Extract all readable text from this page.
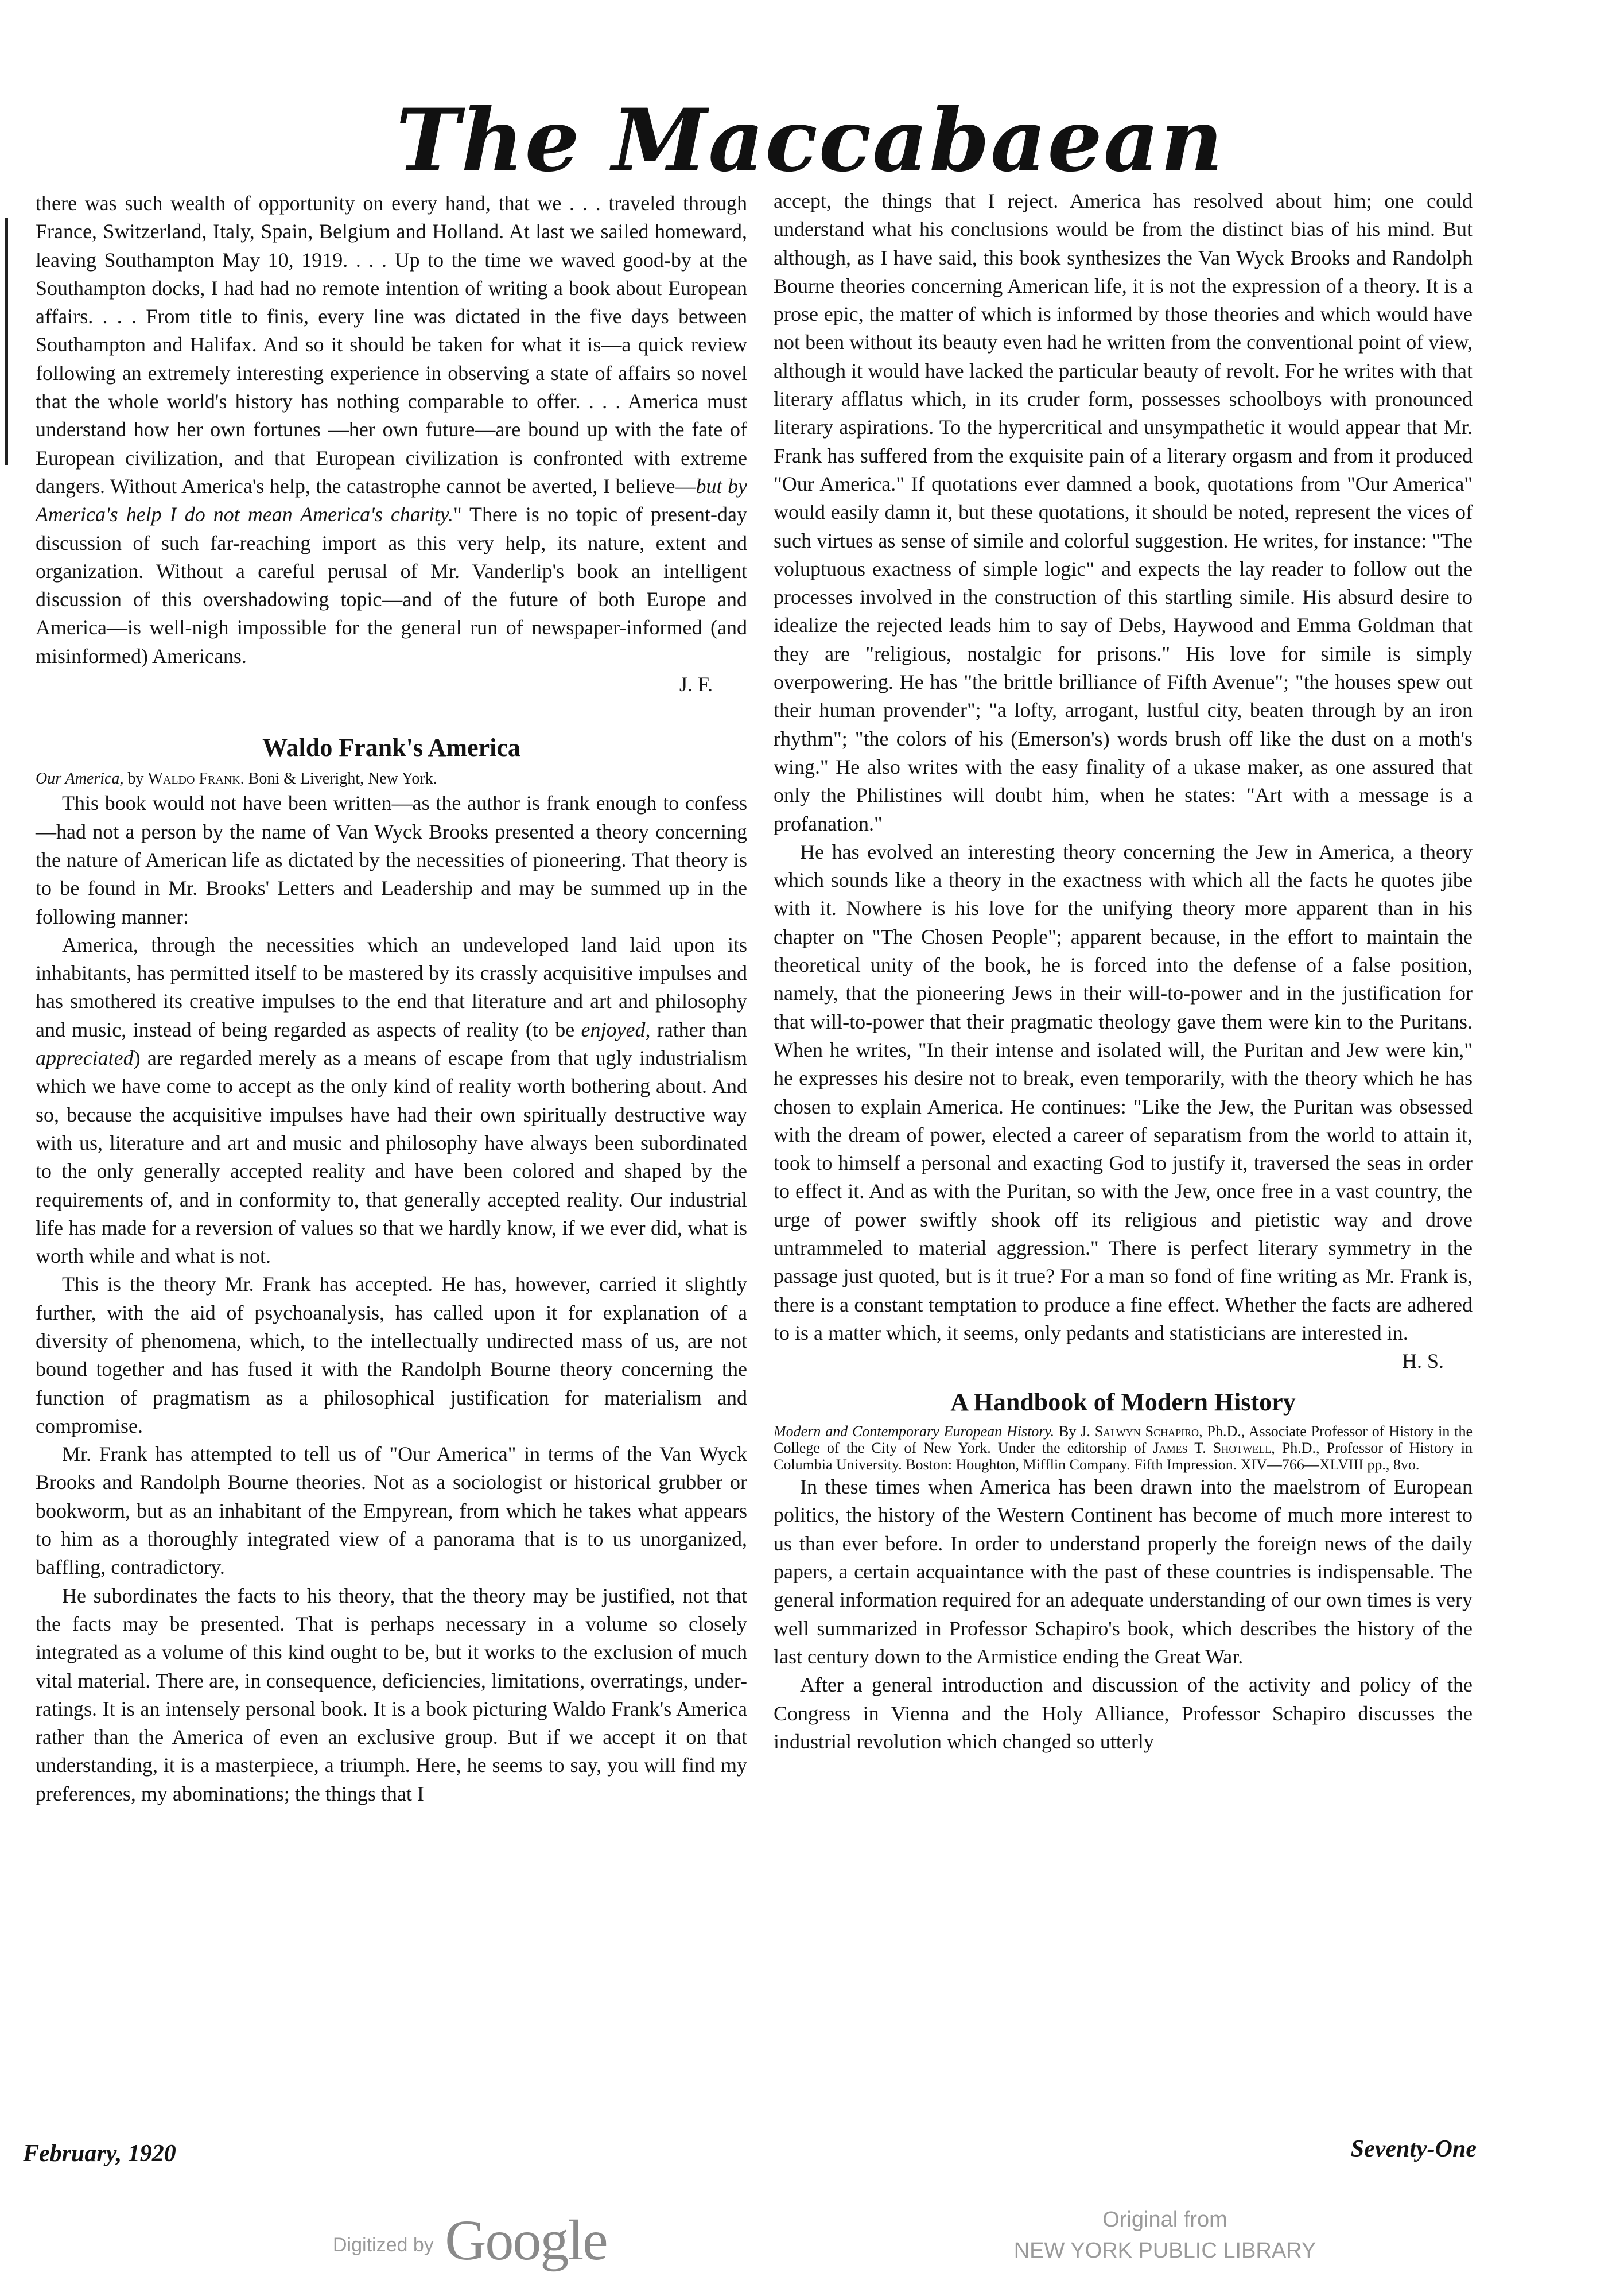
The Maccabaean

there was such wealth of opportunity on every hand, that we . . . traveled through France, Switzerland, Italy, Spain, Belgium and Holland. At last we sailed homeward, leaving Southampton May 10, 1919. . . . Up to the time we waved good-by at the Southampton docks, I had had no remote intention of writing a book about European affairs. . . . From title to finis, every line was dictated in the five days between Southampton and Halifax. And so it should be taken for what it is—a quick review following an extremely interesting experience in observing a state of affairs so novel that the whole world's history has nothing comparable to offer. . . . America must understand how her own fortunes —her own future—are bound up with the fate of European civilization, and that European civilization is confronted with extreme dangers. Without America's help, the catastrophe cannot be averted, I believe—but by America's help I do not mean America's charity." There is no topic of present-day discussion of such far-reaching import as this very help, its nature, extent and organization. Without a careful perusal of Mr. Vanderlip's book an intelligent discussion of this overshadowing topic—and of the future of both Europe and America—is well-nigh impossible for the general run of newspaper-informed (and misinformed) Americans.

J. F.

Waldo Frank's America

Our America, by Waldo Frank. Boni & Liveright, New York.

This book would not have been written—as the author is frank enough to confess—had not a person by the name of Van Wyck Brooks presented a theory concerning the nature of American life as dictated by the necessities of pioneering. That theory is to be found in Mr. Brooks' Letters and Leadership and may be summed up in the following manner:

America, through the necessities which an undeveloped land laid upon its inhabitants, has permitted itself to be mastered by its crassly acquisitive impulses and has smothered its creative impulses to the end that literature and art and philosophy and music, instead of being regarded as aspects of reality (to be enjoyed, rather than appreciated) are regarded merely as a means of escape from that ugly industrialism which we have come to accept as the only kind of reality worth bothering about. And so, because the acquisitive impulses have had their own spiritually destructive way with us, literature and art and music and philosophy have always been subordinated to the only generally accepted reality and have been colored and shaped by the requirements of, and in conformity to, that generally accepted reality. Our industrial life has made for a reversion of values so that we hardly know, if we ever did, what is worth while and what is not.

This is the theory Mr. Frank has accepted. He has, however, carried it slightly further, with the aid of psychoanalysis, has called upon it for explanation of a diversity of phenomena, which, to the intellectually undirected mass of us, are not bound together and has fused it with the Randolph Bourne theory concerning the function of pragmatism as a philosophical justification for materialism and compromise.

Mr. Frank has attempted to tell us of "Our America" in terms of the Van Wyck Brooks and Randolph Bourne theories. Not as a sociologist or historical grubber or bookworm, but as an inhabitant of the Empyrean, from which he takes what appears to him as a thoroughly integrated view of a panorama that is to us unorganized, baffling, contradictory.

He subordinates the facts to his theory, that the theory may be justified, not that the facts may be presented. That is perhaps necessary in a volume so closely integrated as a volume of this kind ought to be, but it works to the exclusion of much vital material. There are, in consequence, deficiencies, limitations, overratings, under-ratings. It is an intensely personal book. It is a book picturing Waldo Frank's America rather than the America of even an exclusive group. But if we accept it on that understanding, it is a masterpiece, a triumph. Here, he seems to say, you will find my preferences, my abominations; the things that I

accept, the things that I reject. America has resolved about him; one could understand what his conclusions would be from the distinct bias of his mind. But although, as I have said, this book synthesizes the Van Wyck Brooks and Randolph Bourne theories concerning American life, it is not the expression of a theory. It is a prose epic, the matter of which is informed by those theories and which would have not been without its beauty even had he written from the conventional point of view, although it would have lacked the particular beauty of revolt. For he writes with that literary afflatus which, in its cruder form, possesses schoolboys with pronounced literary aspirations. To the hypercritical and unsympathetic it would appear that Mr. Frank has suffered from the exquisite pain of a literary orgasm and from it produced "Our America." If quotations ever damned a book, quotations from "Our America" would easily damn it, but these quotations, it should be noted, represent the vices of such virtues as sense of simile and colorful suggestion. He writes, for instance: "The voluptuous exactness of simple logic" and expects the lay reader to follow out the processes involved in the construction of this startling simile. His absurd desire to idealize the rejected leads him to say of Debs, Haywood and Emma Goldman that they are "religious, nostalgic for prisons." His love for simile is simply overpowering. He has "the brittle brilliance of Fifth Avenue"; "the houses spew out their human provender"; "a lofty, arrogant, lustful city, beaten through by an iron rhythm"; "the colors of his (Emerson's) words brush off like the dust on a moth's wing." He also writes with the easy finality of a ukase maker, as one assured that only the Philistines will doubt him, when he states: "Art with a message is a profanation."

He has evolved an interesting theory concerning the Jew in America, a theory which sounds like a theory in the exactness with which all the facts he quotes jibe with it. Nowhere is his love for the unifying theory more apparent than in his chapter on "The Chosen People"; apparent because, in the effort to maintain the theoretical unity of the book, he is forced into the defense of a false position, namely, that the pioneering Jews in their will-to-power and in the justification for that will-to-power that their pragmatic theology gave them were kin to the Puritans. When he writes, "In their intense and isolated will, the Puritan and Jew were kin," he expresses his desire not to break, even temporarily, with the theory which he has chosen to explain America. He continues: "Like the Jew, the Puritan was obsessed with the dream of power, elected a career of separatism from the world to attain it, took to himself a personal and exacting God to justify it, traversed the seas in order to effect it. And as with the Puritan, so with the Jew, once free in a vast country, the urge of power swiftly shook off its religious and pietistic way and drove untrammeled to material aggression." There is perfect literary symmetry in the passage just quoted, but is it true? For a man so fond of fine writing as Mr. Frank is, there is a constant temptation to produce a fine effect. Whether the facts are adhered to is a matter which, it seems, only pedants and statisticians are interested in.
H. S.

A Handbook of Modern History

Modern and Contemporary European History. By J. Salwyn Schapiro, Ph.D., Associate Professor of History in the College of the City of New York. Under the editorship of James T. Shotwell, Ph.D., Professor of History in Columbia University. Boston: Houghton, Mifflin Company. Fifth Impression. XIV—766—XLVIII pp., 8vo.

In these times when America has been drawn into the maelstrom of European politics, the history of the Western Continent has become of much more interest to us than ever before. In order to understand properly the foreign news of the daily papers, a certain acquaintance with the past of these countries is indispensable. The general information required for an adequate understanding of our own times is very well summarized in Professor Schapiro's book, which describes the history of the last century down to the Armistice ending the Great War.

After a general introduction and discussion of the activity and policy of the Congress in Vienna and the Holy Alliance, Professor Schapiro discusses the industrial revolution which changed so utterly

February, 1920	Seventy-One
Digitized by Google	Original from
NEW YORK PUBLIC LIBRARY
